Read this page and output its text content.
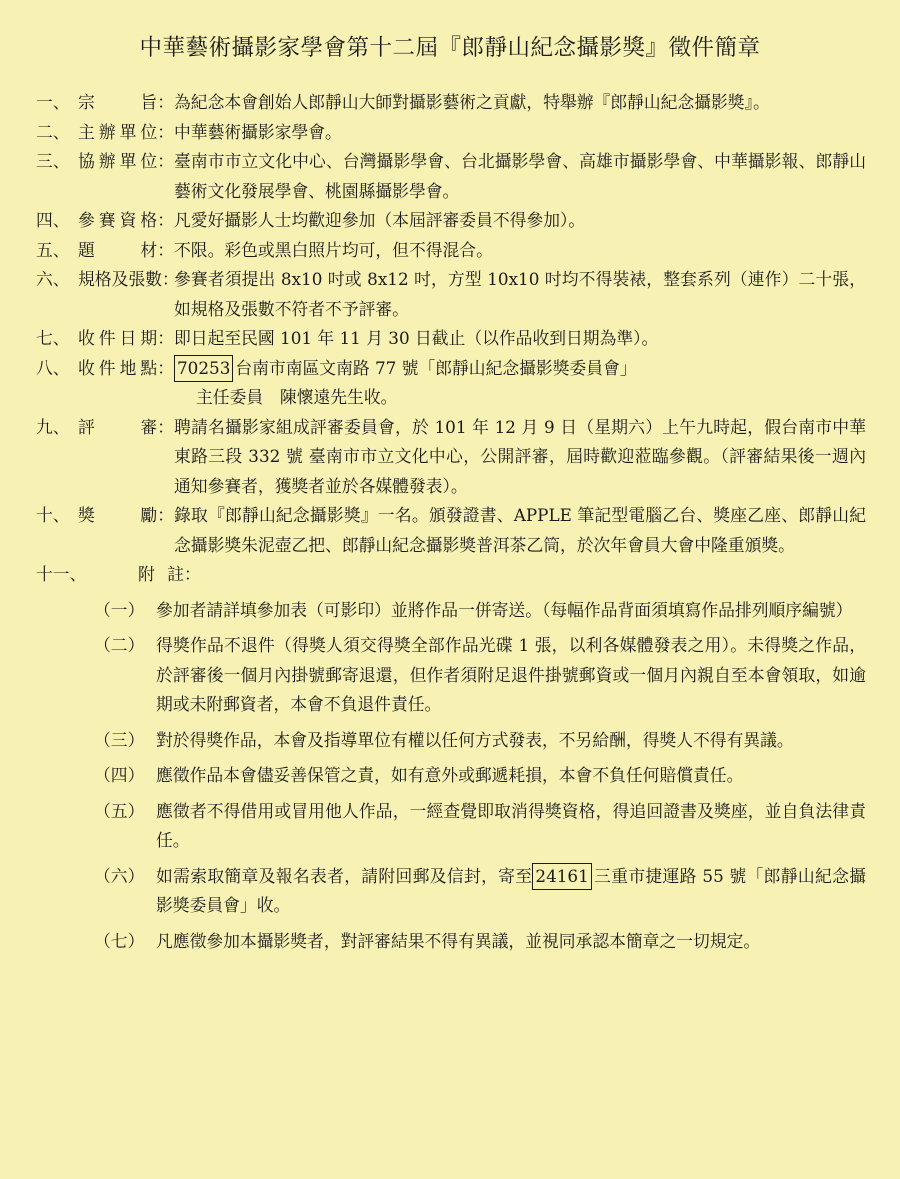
中華藝術攝影家學會第十二屆『郎靜山紀念攝影獎』徵件簡章
一、 宗	旨 ： 為紀念本會創始人郎靜山大師對攝影藝術之貢獻，特舉辦『郎靜山紀念攝影獎』。
二、 主 辦 單 位 ： 中華藝術攝影家學會。
三、 協 辦 單 位 ： 臺南市市立文化中心、台灣攝影學會、台北攝影學會、高雄市攝影學會、中華攝影報、郎靜山藝術文化發展學會、桃園縣攝影學會。
四、 參 賽 資 格 ： 凡愛好攝影人士均歡迎參加（本屆評審委員不得參加）。
五、 題	材 ： 不限。彩色或黑白照片均可，但不得混合。
六、 規 格 及 張 數 ：
參賽者須提出 8x10 吋或 8x12 吋，方型 10x10 吋均不得裝裱，整套系列（連作）二十張，如規格及張數不符者不予評審。
七、 收 件 日 期 ： 即日起至民國 101 年 11 月 30 日截止（以作品收到日期為準）。
八、 收 件 地 點 ： 70253 台南市南區文南路 77 號「郎靜山紀念攝影獎委員會」
主任委員　陳懷遠先生收。
九、 評	審 ： 聘請名攝影家組成評審委員會，於 101 年 12 月 9 日（星期六）上午九時起，假台南市中華東路三段 332 號 臺南市市立文化中心，公開評審，屆時歡迎蒞臨參觀。（評審結果後一週內通知參賽者，獲獎者並於各媒體發表）。
十、 獎	勵 ： 錄取『郎靜山紀念攝影獎』一名。頒發證書、APPLE 筆記型電腦乙台、獎座乙座、郎靜山紀念攝影獎朱泥壺乙把、郎靜山紀念攝影獎普洱茶乙筒，於次年會員大會中隆重頒獎。
十一、	附 註 ：
（一） 參加者請詳填參加表（可影印）並將作品一併寄送。（每幅作品背面須填寫作品排列順序編號）
（二） 得獎作品不退件（得獎人須交得獎全部作品光碟 1 張，以利各媒體發表之用）。未得獎之作品，於評審後一個月內掛號郵寄退還，但作者須附足退件掛號郵資或一個月內親自至本會領取，如逾期或未附郵資者，本會不負退件責任。
（三） 對於得獎作品，本會及指導單位有權以任何方式發表，不另給酬，得獎人不得有異議。
（四） 應徵作品本會儘妥善保管之責，如有意外或郵遞耗損，本會不負任何賠償責任。
（五） 應徵者不得借用或冒用他人作品，一經查覺即取消得獎資格，得追回證書及獎座，並自負法律責任。
（六） 如需索取簡章及報名表者，請附回郵及信封，寄至 24161 三重市捷運路 55 號「郎靜山紀念攝影獎委員會」收。
（七） 凡應徵參加本攝影獎者，對評審結果不得有異議，並視同承認本簡章之一切規定。
